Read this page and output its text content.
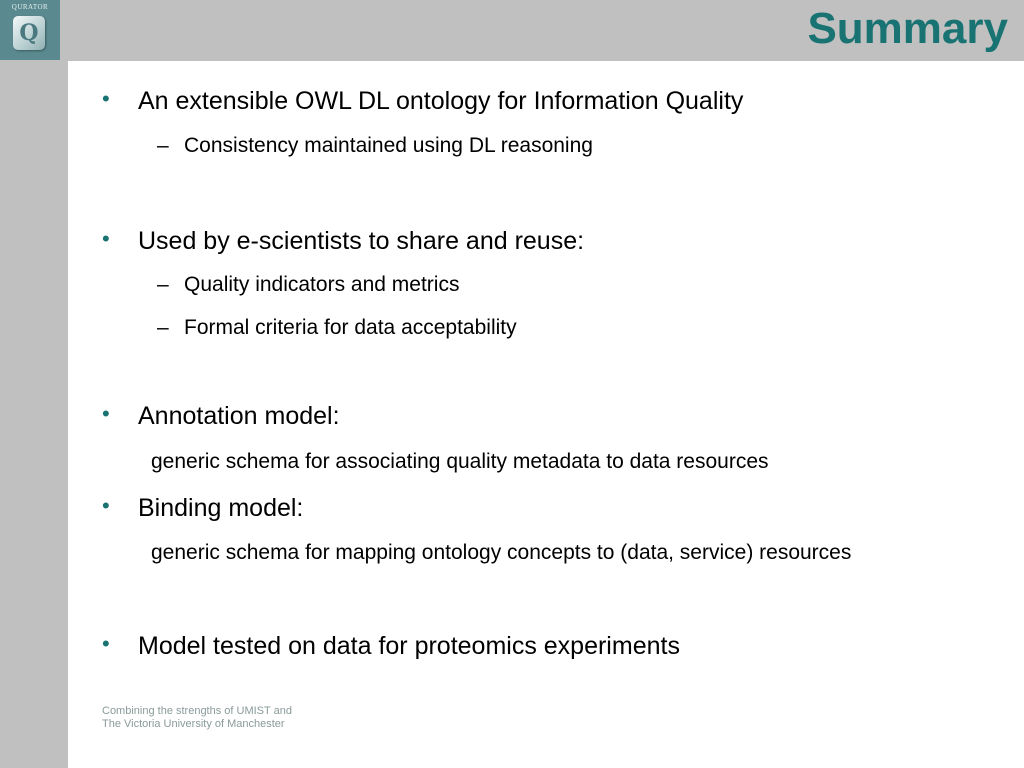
QURATOR
Q	Summary
• An extensible OWL DL ontology for Information Quality
– Consistency maintained using DL reasoning
• Used by e-scientists to share and reuse:
– Quality indicators and metrics
– Formal criteria for data acceptability
• Annotation model:
generic schema for associating quality metadata to data resources
• Binding model:
generic schema for mapping ontology concepts to (data, service) resources
• Model tested on data for proteomics experiments
Combining the strengths of UMIST and
The Victoria University of Manchester
